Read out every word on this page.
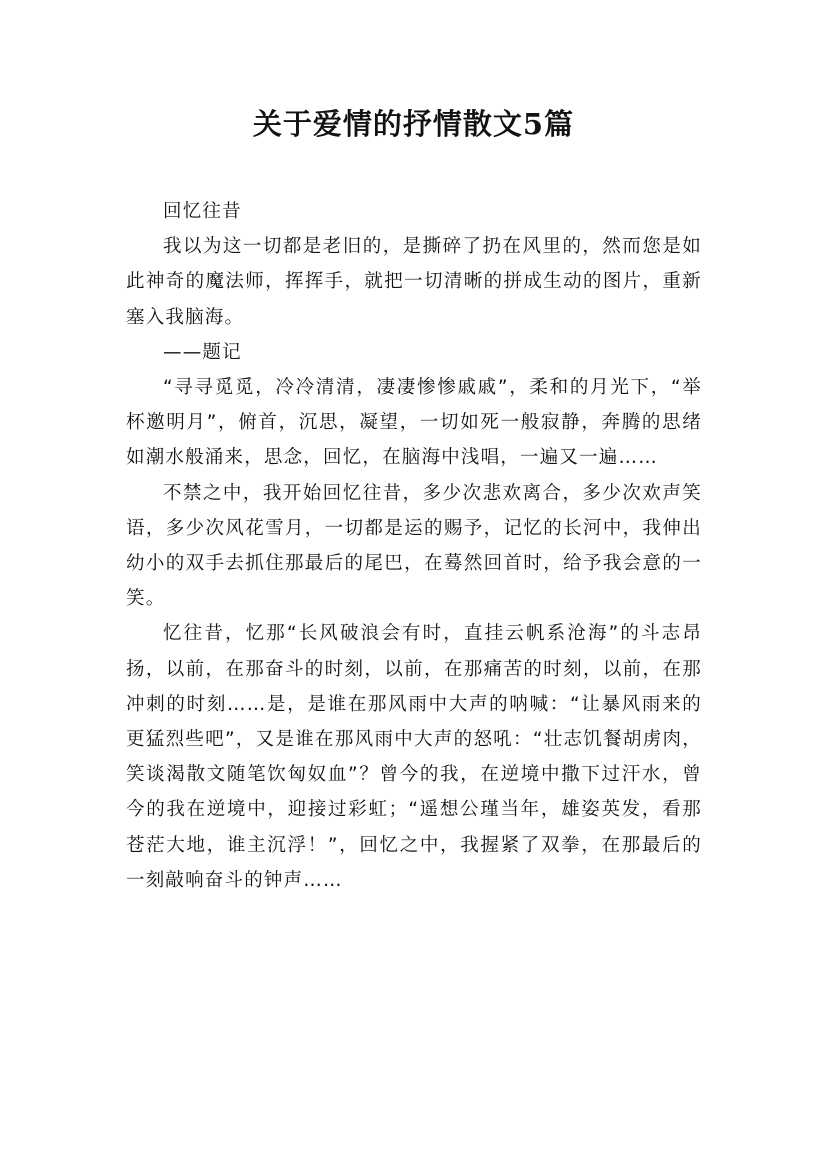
关于爱情的抒情散文5篇

回忆往昔

我以为这一切都是老旧的，是撕碎了扔在风里的，然而您是如此神奇的魔法师，挥挥手，就把一切清晰的拼成生动的图片，重新塞入我脑海。

——题记

“寻寻觅觅，冷冷清清，凄凄惨惨戚戚”，柔和的月光下，“举杯邀明月”，俯首，沉思，凝望，一切如死一般寂静，奔腾的思绪如潮水般涌来，思念，回忆，在脑海中浅唱，一遍又一遍……

不禁之中，我开始回忆往昔，多少次悲欢离合，多少次欢声笑语，多少次风花雪月，一切都是运的赐予，记忆的长河中，我伸出幼小的双手去抓住那最后的尾巴，在蓦然回首时，给予我会意的一笑。

忆往昔，忆那“长风破浪会有时，直挂云帆系沧海”的斗志昂扬，以前，在那奋斗的时刻，以前，在那痛苦的时刻，以前，在那冲刺的时刻……是，是谁在那风雨中大声的呐喊：“让暴风雨来的更猛烈些吧”，又是谁在那风雨中大声的怒吼：“壮志饥餐胡虏肉，笑谈渴散文随笔饮匈奴血”？曾今的我，在逆境中撒下过汗水，曾今的我在逆境中，迎接过彩虹；“遥想公瑾当年，雄姿英发，看那苍茫大地，谁主沉浮！”，回忆之中，我握紧了双拳，在那最后的一刻敲响奋斗的钟声……
